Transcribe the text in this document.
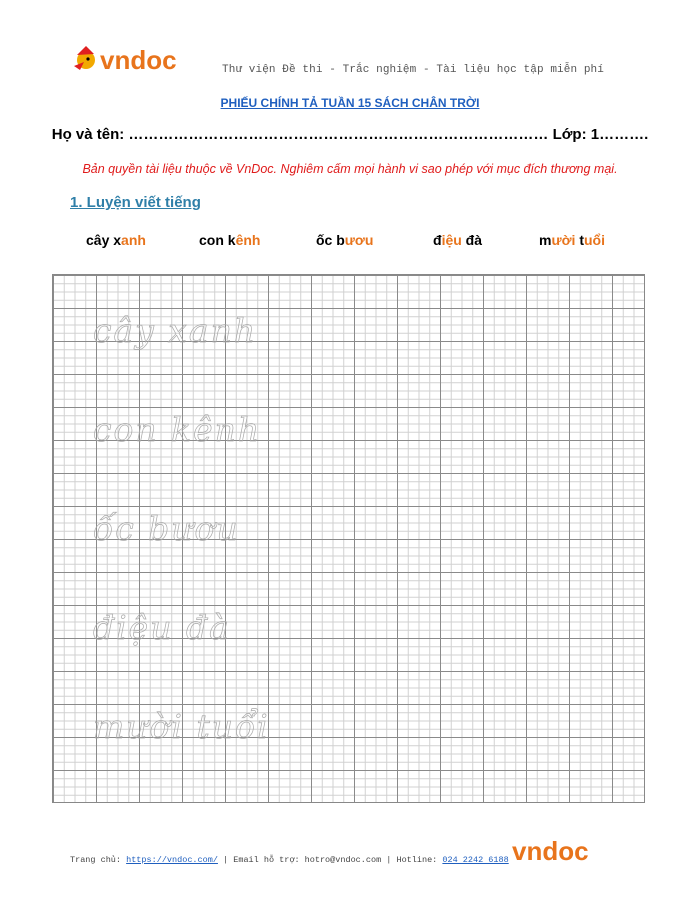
vndoc	Thư viện Đề thi - Trắc nghiệm - Tài liệu học tập miễn phí
PHIẾU CHÍNH TẢ TUẦN 15 SÁCH CHÂN TRỜI
Họ và tên: ………………………………………………………………………… Lớp: 1……….
Bản quyền tài liệu thuộc về VnDoc. Nghiêm cấm mọi hành vi sao phép với mục đích thương mại.
1. Luyện viết tiếng
cây xanh	con kênh	ốc bươu	điệu đà	mười tuổi
cây xanh
con kênh
ốc bươu
điệu đà
mười tuổi
Trang chủ: https://vndoc.com/ | Email hỗ trợ: hotro@vndoc.com | Hotline: 024 2242 6188 vndoc
